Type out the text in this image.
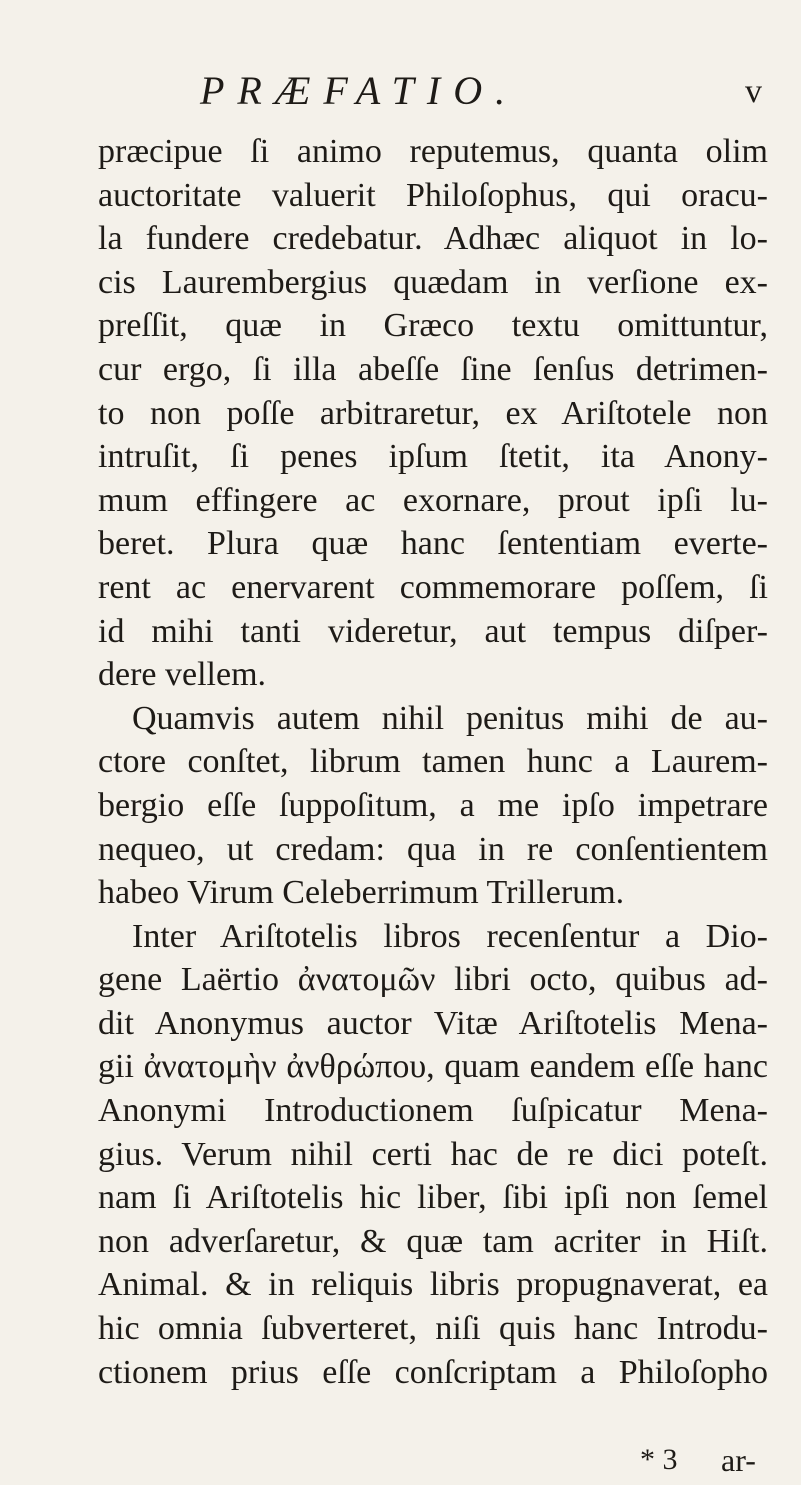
PRÆFATIO.	v
præcipue ſi animo reputemus, quanta olim
auctoritate valuerit Philoſophus, qui oracu-
la fundere credebatur. Adhæc aliquot in lo-
cis Laurembergius quædam in verſione ex-
preſſit, quæ in Græco textu omittuntur,
cur ergo, ſi illa abeſſe ſine ſenſus detrimen-
to non poſſe arbitraretur, ex Ariſtotele non
intruſit, ſi penes ipſum ſtetit, ita Anony-
mum effingere ac exornare, prout ipſi lu-
beret. Plura quæ hanc ſententiam everte-
rent ac enervarent commemorare poſſem, ſi
id mihi tanti videretur, aut tempus diſper-
dere vellem.
Quamvis autem nihil penitus mihi de au-
ctore conſtet, librum tamen hunc a Laurem-
bergio eſſe ſuppoſitum, a me ipſo impetrare
nequeo, ut credam: qua in re conſentientem
habeo Virum Celeberrimum Trillerum.
Inter Ariſtotelis libros recenſentur a Dio-
gene Laërtio ἀνατομῶν libri octo, quibus ad-
dit Anonymus auctor Vitæ Ariſtotelis Mena-
gii ἀνατομὴν ἀνθρώπου, quam eandem eſſe hanc
Anonymi Introductionem ſuſpicatur Mena-
gius. Verum nihil certi hac de re dici poteſt.
nam ſi Ariſtotelis hic liber, ſibi ipſi non ſemel
non adverſaretur, & quæ tam acriter in Hiſt.
Animal. & in reliquis libris propugnaverat, ea
hic omnia ſubverteret, niſi quis hanc Introdu-
ctionem prius eſſe conſcriptam a Philoſopho
* 3 ar-
